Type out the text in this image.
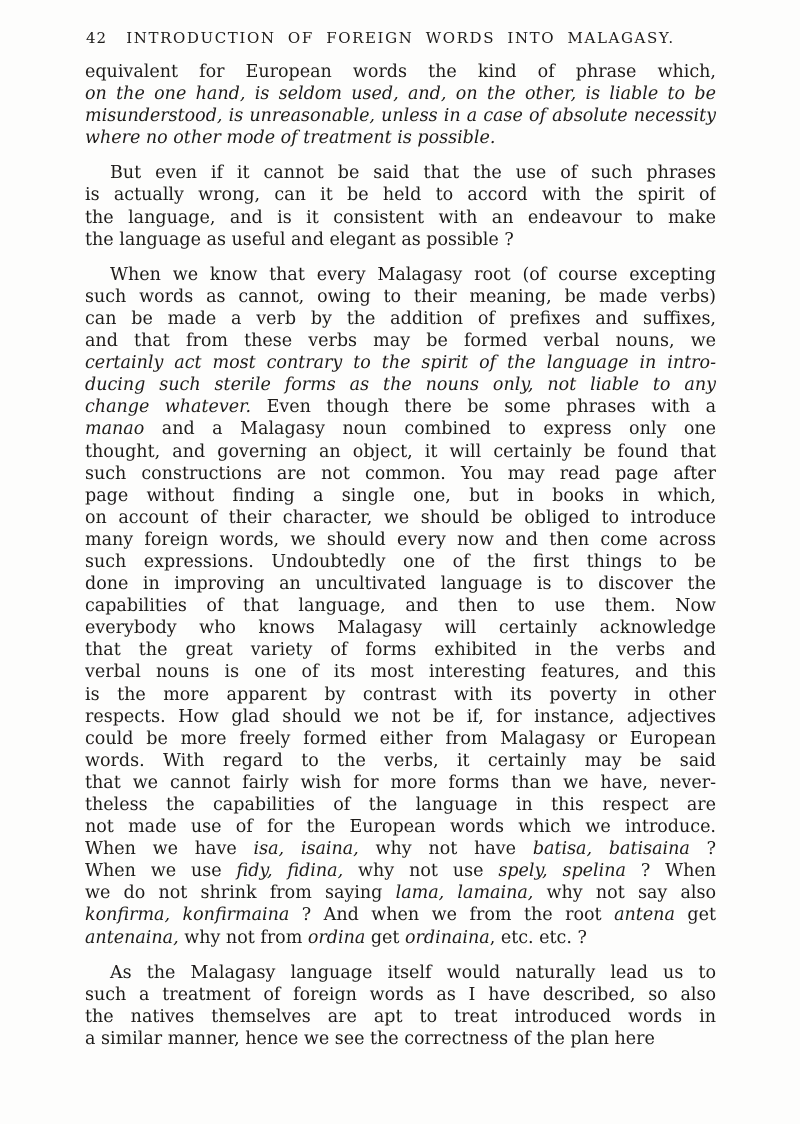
42 INTRODUCTION OF FOREIGN WORDS INTO MALAGASY.
equivalent for European words the kind of phrase which,
on the one hand, is seldom used, and, on the other, is liable to be
misunderstood, is unreasonable, unless in a case of absolute necessity
where no other mode of treatment is possible.
But even if it cannot be said that the use of such phrases
is actually wrong, can it be held to accord with the spirit of
the language, and is it consistent with an endeavour to make
the language as useful and elegant as possible ?
When we know that every Malagasy root (of course excepting
such words as cannot, owing to their meaning, be made verbs)
can be made a verb by the addition of prefixes and suffixes,
and that from these verbs may be formed verbal nouns, we
certainly act most contrary to the spirit of the language in intro-
ducing such sterile forms as the nouns only, not liable to any
change whatever. Even though there be some phrases with a
manao and a Malagasy noun combined to express only one
thought, and governing an object, it will certainly be found that
such constructions are not common. You may read page after
page without finding a single one, but in books in which,
on account of their character, we should be obliged to introduce
many foreign words, we should every now and then come across
such expressions. Undoubtedly one of the first things to be
done in improving an uncultivated language is to discover the
capabilities of that language, and then to use them. Now
everybody who knows Malagasy will certainly acknowledge
that the great variety of forms exhibited in the verbs and
verbal nouns is one of its most interesting features, and this
is the more apparent by contrast with its poverty in other
respects. How glad should we not be if, for instance, adjectives
could be more freely formed either from Malagasy or European
words. With regard to the verbs, it certainly may be said
that we cannot fairly wish for more forms than we have, never-
theless the capabilities of the language in this respect are
not made use of for the European words which we introduce.
When we have isa, isaina, why not have batisa, batisaina ?
When we use fidy, fidina, why not use spely, spelina ? When
we do not shrink from saying lama, lamaina, why not say also
konfirma, konfirmaina ? And when we from the root antena get
antenaina, why not from ordina get ordinaina, etc. etc. ?
As the Malagasy language itself would naturally lead us to
such a treatment of foreign words as I have described, so also
the natives themselves are apt to treat introduced words in
a similar manner, hence we see the correctness of the plan here
